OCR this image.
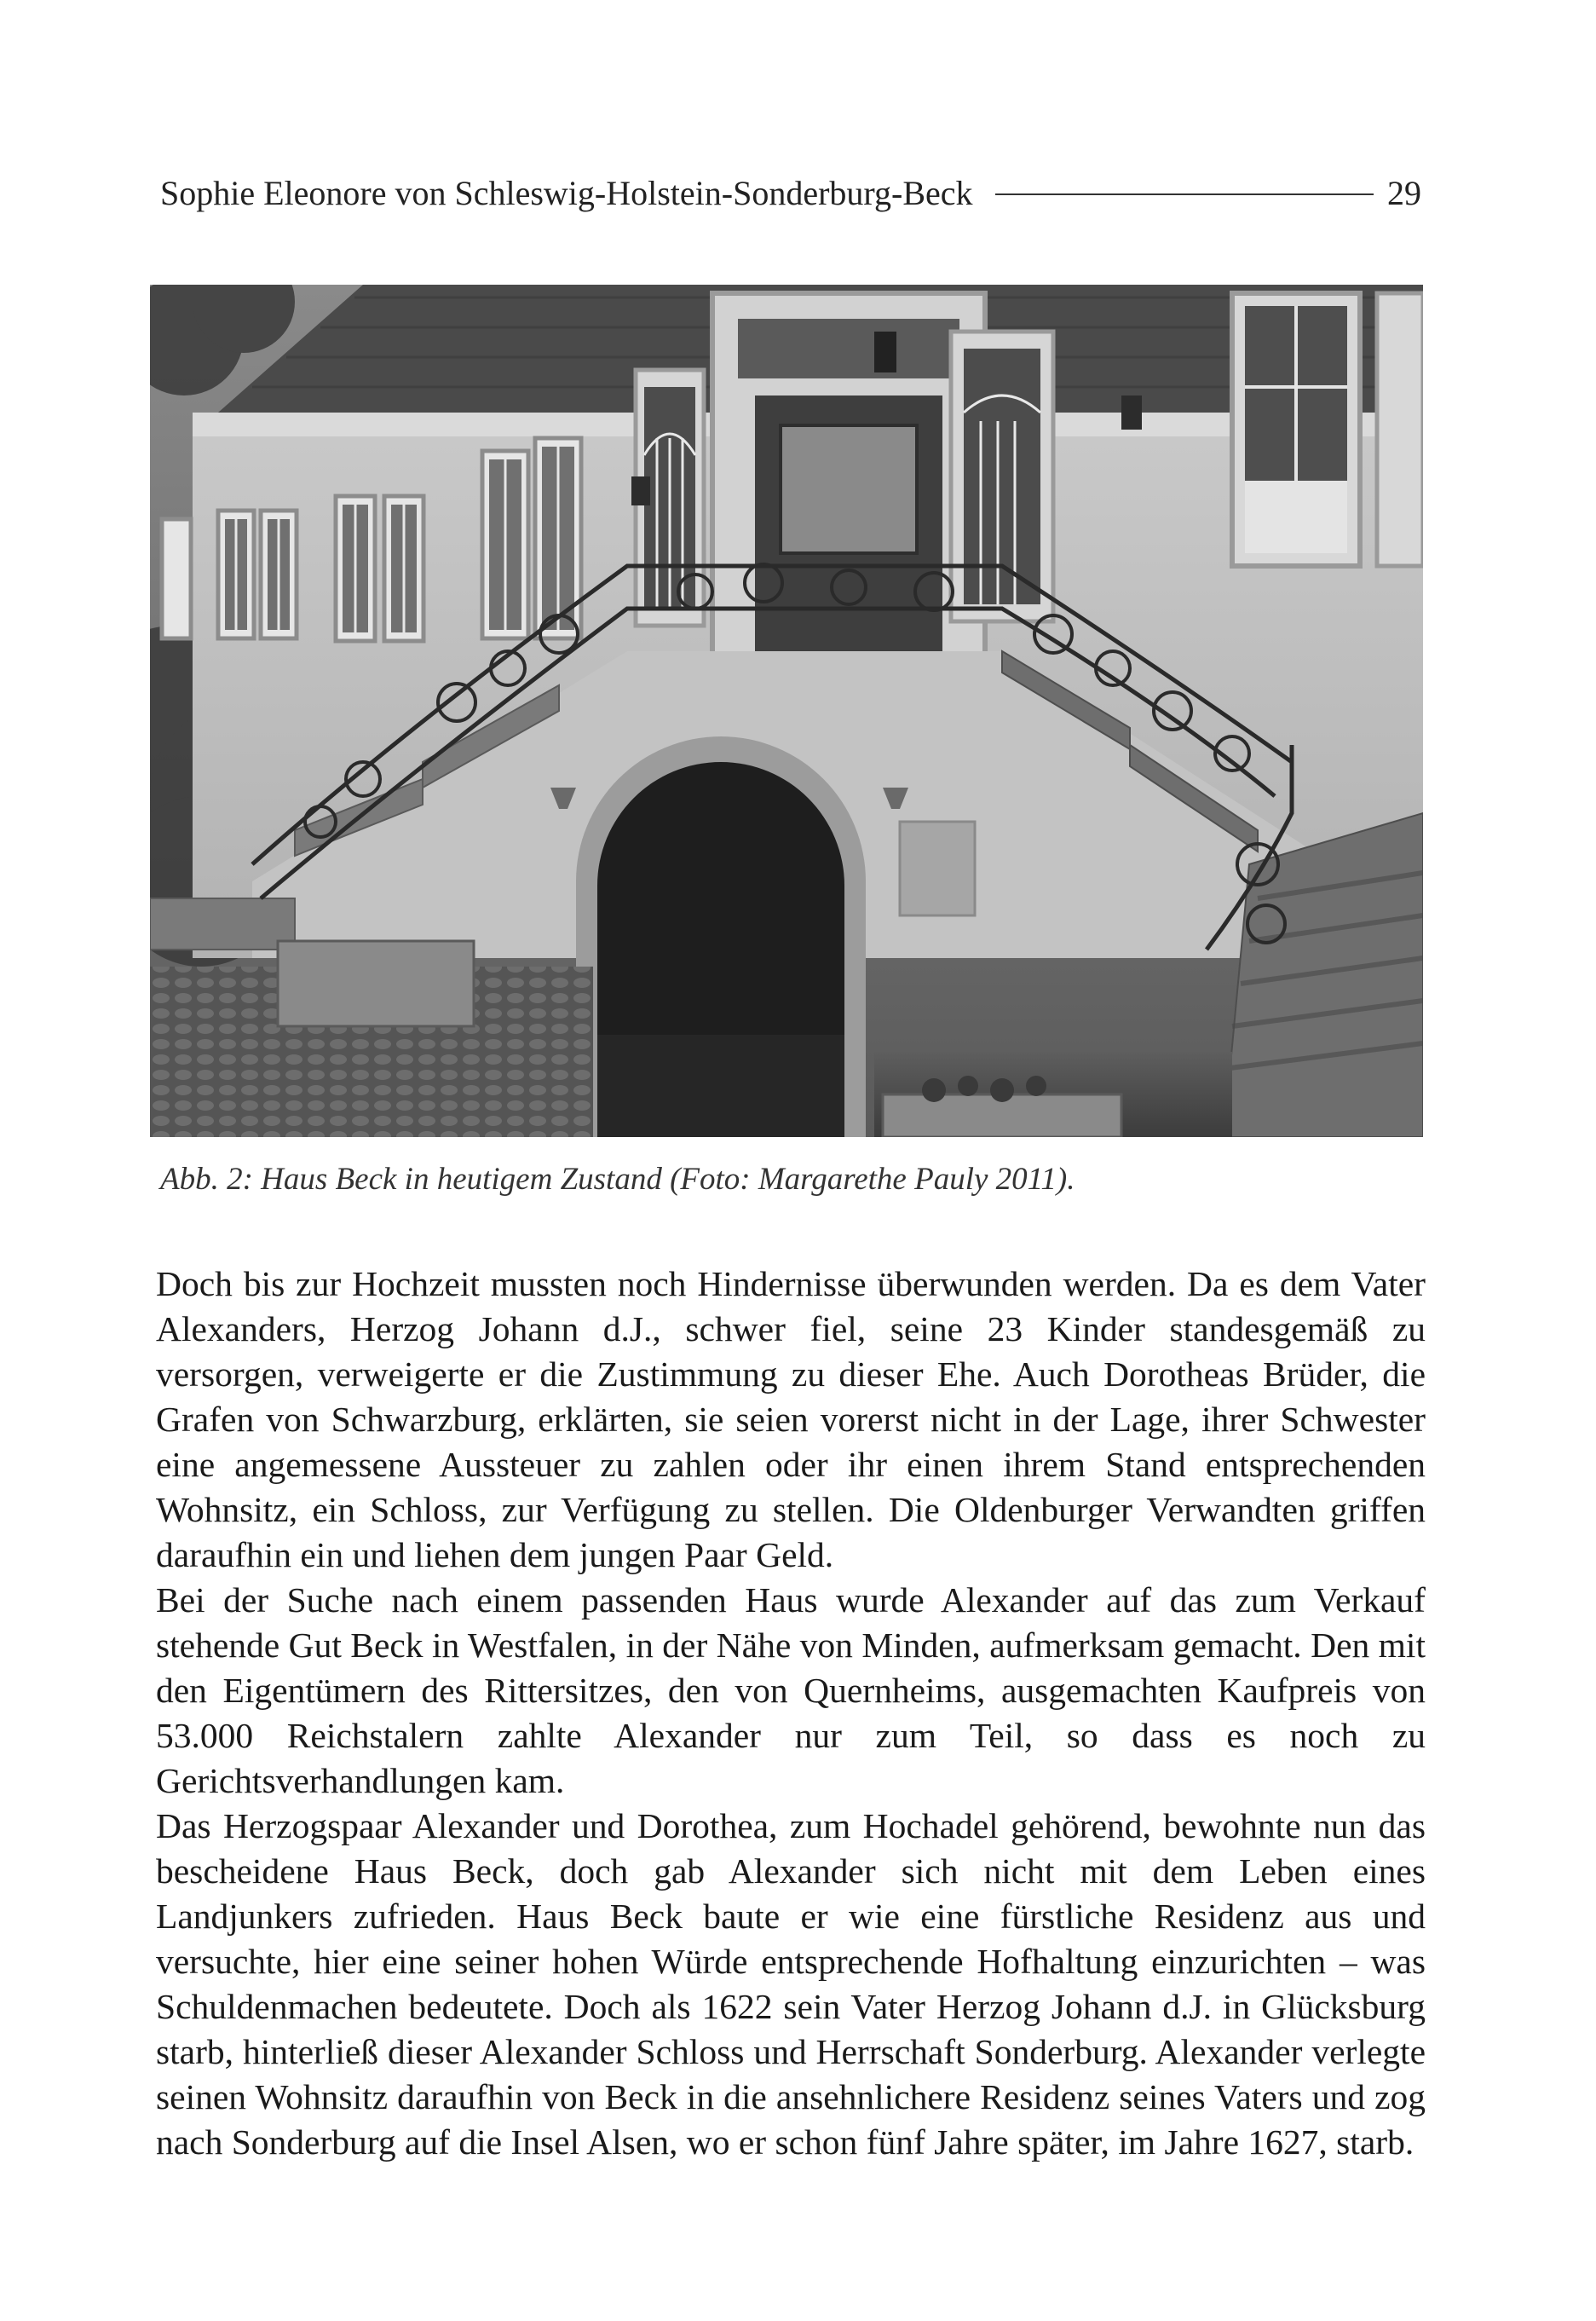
Sophie Eleonore von Schleswig-Holstein-Sonderburg-Beck	29
Abb. 2: Haus Beck in heutigem Zustand (Foto: Margarethe Pauly 2011).

Doch bis zur Hochzeit mussten noch Hindernisse überwunden werden. Da es dem Vater Alexanders, Herzog Johann d.J., schwer fiel, seine 23 Kinder standesgemäß zu versorgen, verweigerte er die Zustimmung zu dieser Ehe. Auch Dorotheas Brüder, die Grafen von Schwarzburg, erklärten, sie seien vorerst nicht in der Lage, ihrer Schwester eine angemessene Aussteuer zu zahlen oder ihr einen ihrem Stand entsprechenden Wohnsitz, ein Schloss, zur Verfügung zu stellen. Die Oldenburger Verwandten griffen daraufhin ein und liehen dem jungen Paar Geld.

Bei der Suche nach einem passenden Haus wurde Alexander auf das zum Verkauf stehende Gut Beck in Westfalen, in der Nähe von Minden, aufmerksam gemacht. Den mit den Eigentümern des Rittersitzes, den von Quernheims, ausgemachten Kaufpreis von 53.000 Reichstalern zahlte Alexander nur zum Teil, so dass es noch zu Gerichtsverhandlungen kam.

Das Herzogspaar Alexander und Dorothea, zum Hochadel gehörend, bewohnte nun das bescheidene Haus Beck, doch gab Alexander sich nicht mit dem Leben eines Landjunkers zufrieden. Haus Beck baute er wie eine fürstliche Residenz aus und versuchte, hier eine seiner hohen Würde entsprechende Hofhaltung einzurichten – was Schuldenmachen bedeutete. Doch als 1622 sein Vater Herzog Johann d.J. in Glücksburg starb, hinterließ dieser Alexander Schloss und Herrschaft Sonderburg. Alexander verlegte seinen Wohnsitz daraufhin von Beck in die ansehnlichere Residenz seines Vaters und zog nach Sonderburg auf die Insel Alsen, wo er schon fünf Jahre später, im Jahre 1627, starb.
